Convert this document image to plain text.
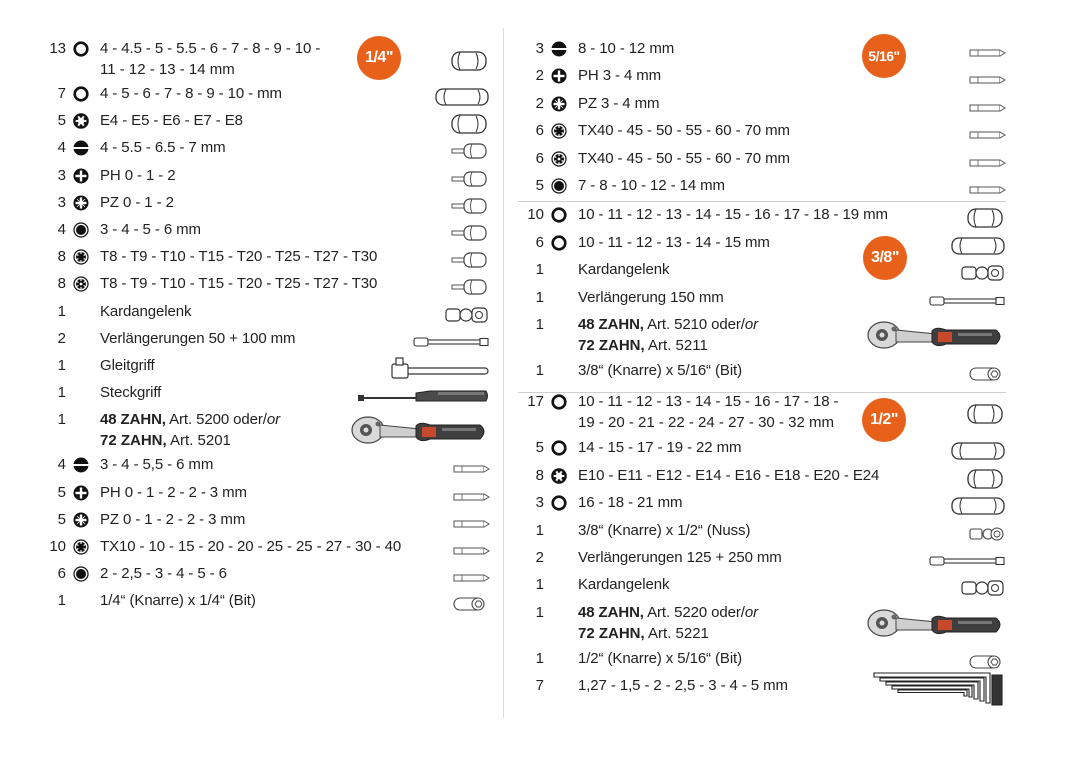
13 4 - 4.5 - 5 - 5.5 - 6 - 7 - 8 - 9 - 10 -
11 - 12 - 13 - 14 mm
7 4 - 5 - 6 - 7 - 8 - 9 - 10 - mm
5 E4 - E5 - E6 - E7 - E8
4 4 - 5.5 - 6.5 - 7 mm
3 PH 0 - 1 - 2
3 PZ 0 - 1 - 2
4 3 - 4 - 5 - 6 mm
8 T8 - T9 - T10 - T15 - T20 - T25 - T27 - T30
8 T8 - T9 - T10 - T15 - T20 - T25 - T27 - T30
1 Kardangelenk
2 Verlängerungen 50 + 100 mm
1 Gleitgriff
1 Steckgriff
1 48 ZAHN, Art. 5200 oder/or
72 ZAHN, Art. 5201
4 3 - 4 - 5,5 - 6 mm
5 PH 0 - 1 - 2 - 2 - 3 mm
5 PZ 0 - 1 - 2 - 2 - 3 mm
10 TX10 - 10 - 15 - 20 - 20 - 25 - 25 - 27 - 30 - 40
6 2 - 2,5 - 3 - 4 - 5 - 6
1 1/4“ (Knarre) x 1/4“ (Bit)
3 8 - 10 - 12 mm
2 PH 3 - 4 mm
2 PZ 3 - 4 mm
6 TX40 - 45 - 50 - 55 - 60 - 70 mm
6 TX40 - 45 - 50 - 55 - 60 - 70 mm
5 7 - 8 - 10 - 12 - 14 mm
10 10 - 11 - 12 - 13 - 14 - 15 - 16 - 17 - 18 - 19 mm
6 10 - 11 - 12 - 13 - 14 - 15 mm
1 Kardangelenk
1 Verlängerung 150 mm
1 48 ZAHN, Art. 5210 oder/or
72 ZAHN, Art. 5211
1 3/8“ (Knarre) x 5/16“ (Bit)
17 10 - 11 - 12 - 13 - 14 - 15 - 16 - 17 - 18 -
19 - 20 - 21 - 22 - 24 - 27 - 30 - 32 mm
5 14 - 15 - 17 - 19 - 22 mm
8 E10 - E11 - E12 - E14 - E16 - E18 - E20 - E24
3 16 - 18 - 21 mm
1 3/8“ (Knarre) x 1/2“ (Nuss)
2 Verlängerungen 125 + 250 mm
1 Kardangelenk
1 48 ZAHN, Art. 5220 oder/or
72 ZAHN, Art. 5221
1 1/2“ (Knarre) x 5/16“ (Bit)
7 1,27 - 1,5 - 2 - 2,5 - 3 - 4 - 5 mm
1/4"	5/16"
3/8"
1/2"
